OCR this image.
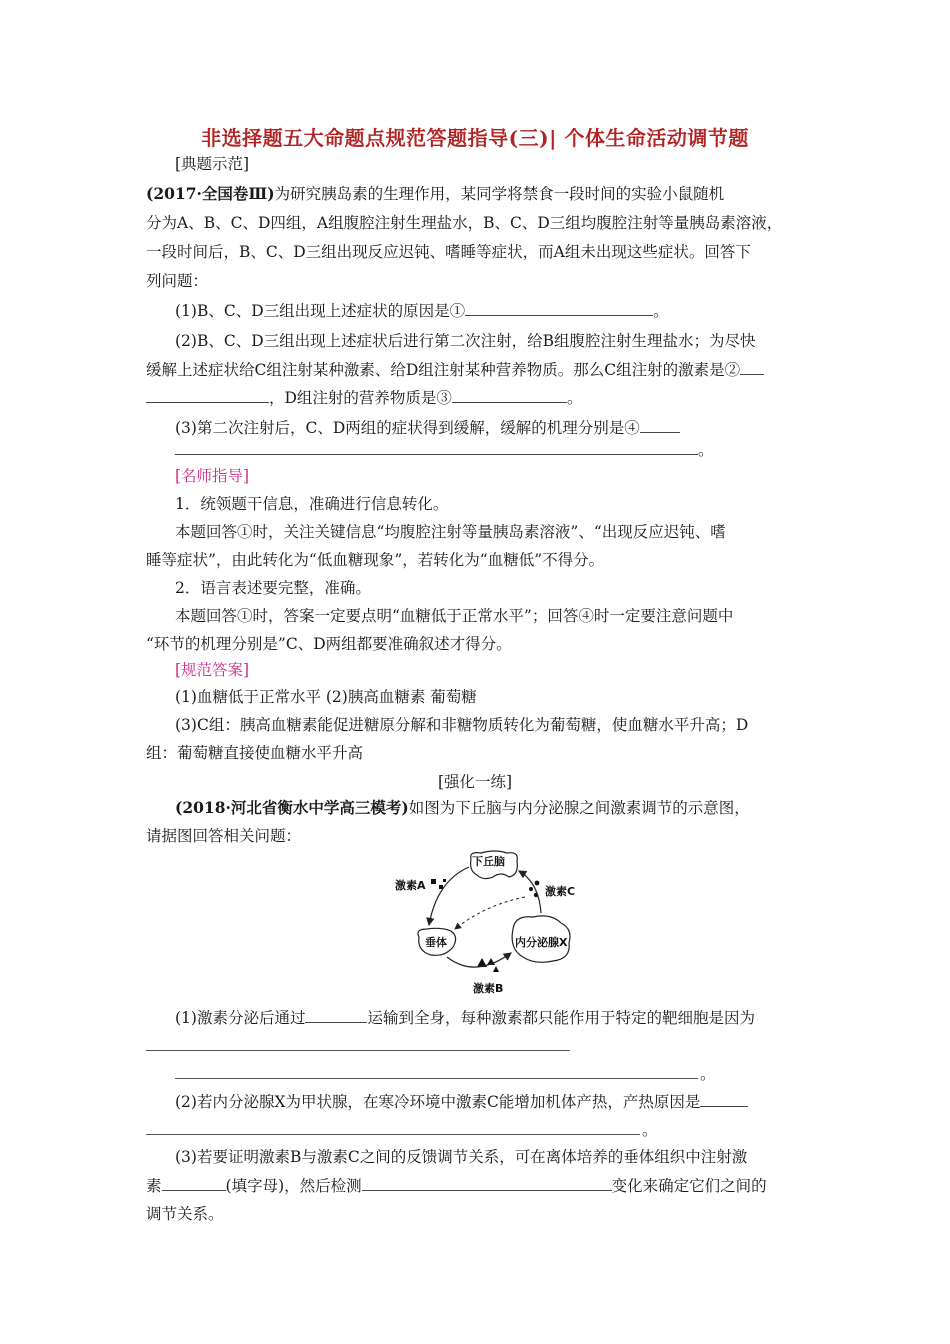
非选择题五大命题点规范答题指导(三)| 个体生命活动调节题
[典题示范]
(2017·全国卷Ⅲ)为研究胰岛素的生理作用，某同学将禁食一段时间的实验小鼠随机
分为A、B、C、D四组，A组腹腔注射生理盐水，B、C、D三组均腹腔注射等量胰岛素溶液，
一段时间后，B、C、D三组出现反应迟钝、嗜睡等症状，而A组未出现这些症状。回答下
列问题：
(1)B、C、D三组出现上述症状的原因是①	。
(2)B、C、D三组出现上述症状后进行第二次注射，给B组腹腔注射生理盐水；为尽快
缓解上述症状给C组注射某种激素、给D组注射某种营养物质。那么C组注射的激素是②
，D组注射的营养物质是③	。
(3)第二次注射后，C、D两组的症状得到缓解，缓解的机理分别是④
。
[名师指导]
1．统领题干信息，准确进行信息转化。
本题回答①时，关注关键信息“均腹腔注射等量胰岛素溶液”、“出现反应迟钝、嗜
睡等症状”，由此转化为“低血糖现象”，若转化为“血糖低”不得分。
2．语言表述要完整，准确。
本题回答①时，答案一定要点明“血糖低于正常水平”；回答④时一定要注意问题中
“环节的机理分别是”C、D两组都要准确叙述才得分。
[规范答案]
(1)血糖低于正常水平 (2)胰高血糖素 葡萄糖
(3)C组：胰高血糖素能促进糖原分解和非糖物质转化为葡萄糖，使血糖水平升高；D
组：葡萄糖直接使血糖水平升高
[强化一练]
(2018·河北省衡水中学高三模考)如图为下丘脑与内分泌腺之间激素调节的示意图，
请据图回答相关问题：
下丘脑
激素A	激素C
垂体	内分泌腺X
激素B
(1)激素分泌后通过	运输到全身，每种激素都只能作用于特定的靶细胞是因为
。
(2)若内分泌腺X为甲状腺，在寒冷环境中激素C能增加机体产热，产热原因是
。
(3)若要证明激素B与激素C之间的反馈调节关系，可在离体培养的垂体组织中注射激
素	(填字母)，然后检测	变化来确定它们之间的
调节关系。
